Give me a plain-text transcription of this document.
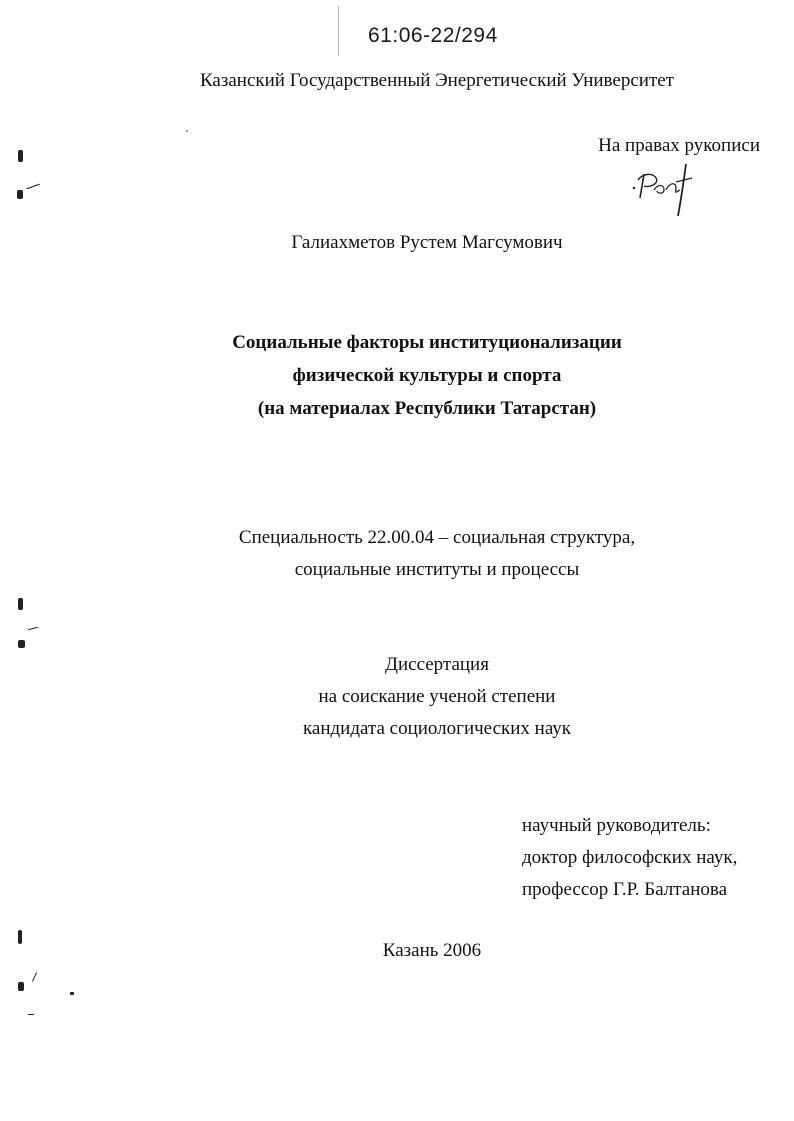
61:06-22/294
Казанский Государственный Энергетический Университет
На правах рукописи
Галиахметов Рустем Магсумович
Социальные факторы институционализации
физической культуры и спорта
(на материалах Республики Татарстан)
Специальность 22.00.04 – социальная структура,
социальные институты и процессы
Диссертация
на соискание ученой степени
кандидата социологических наук
научный руководитель:
доктор философских наук,
профессор Г.Р. Балтанова
Казань 2006
